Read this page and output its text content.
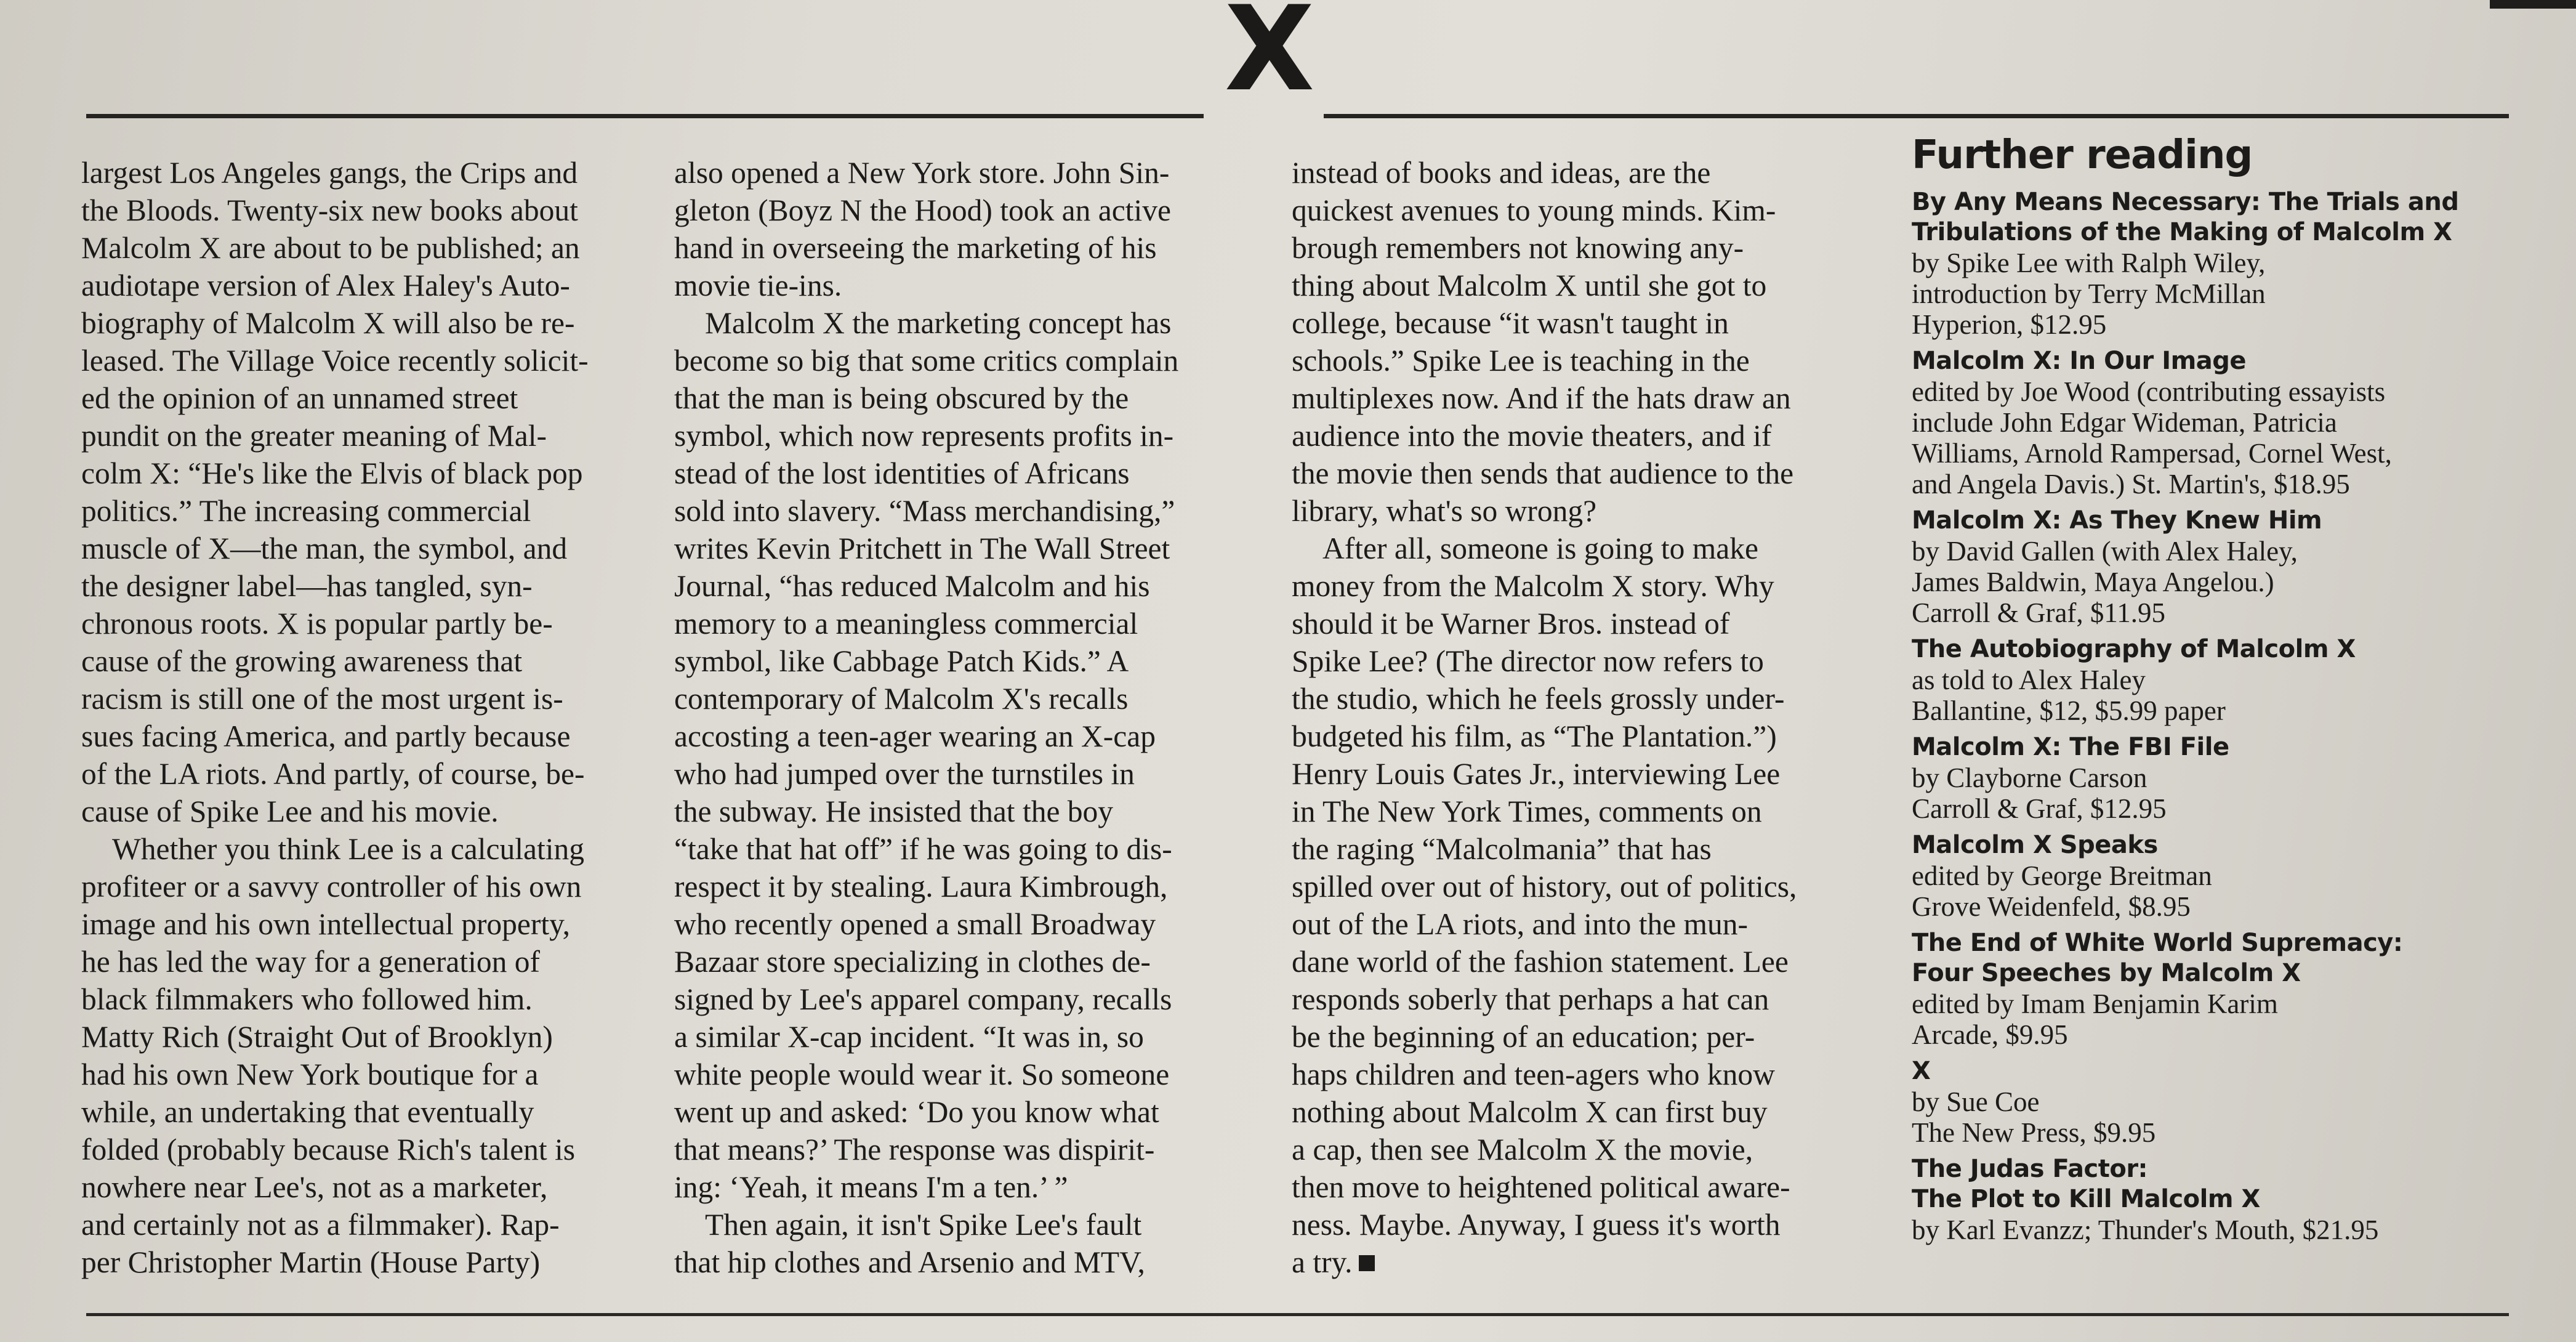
X

largest Los Angeles gangs, the Crips and
the Bloods. Twenty-six new books about
Malcolm X are about to be published; an
audiotape version of Alex Haley's Auto-
biography of Malcolm X will also be re-
leased. The Village Voice recently solicit-
ed the opinion of an unnamed street
pundit on the greater meaning of Mal-
colm X: “He's like the Elvis of black pop
politics.” The increasing commercial
muscle of X—the man, the symbol, and
the designer label—has tangled, syn-
chronous roots. X is popular partly be-
cause of the growing awareness that
racism is still one of the most urgent is-
sues facing America, and partly because
of the LA riots. And partly, of course, be-
cause of Spike Lee and his movie.

Whether you think Lee is a calculating
profiteer or a savvy controller of his own
image and his own intellectual property,
he has led the way for a generation of
black filmmakers who followed him.
Matty Rich (Straight Out of Brooklyn)
had his own New York boutique for a
while, an undertaking that eventually
folded (probably because Rich's talent is
nowhere near Lee's, not as a marketer,
and certainly not as a filmmaker). Rap-
per Christopher Martin (House Party)

also opened a New York store. John Sin-
gleton (Boyz N the Hood) took an active
hand in overseeing the marketing of his
movie tie-ins.

Malcolm X the marketing concept has
become so big that some critics complain
that the man is being obscured by the
symbol, which now represents profits in-
stead of the lost identities of Africans
sold into slavery. “Mass merchandising,”
writes Kevin Pritchett in The Wall Street
Journal, “has reduced Malcolm and his
memory to a meaningless commercial
symbol, like Cabbage Patch Kids.” A
contemporary of Malcolm X's recalls
accosting a teen-ager wearing an X-cap
who had jumped over the turnstiles in
the subway. He insisted that the boy
“take that hat off” if he was going to dis-
respect it by stealing. Laura Kimbrough,
who recently opened a small Broadway
Bazaar store specializing in clothes de-
signed by Lee's apparel company, recalls
a similar X-cap incident. “It was in, so
white people would wear it. So someone
went up and asked: ‘Do you know what
that means?’ The response was dispirit-
ing: ‘Yeah, it means I'm a ten.’ ”

Then again, it isn't Spike Lee's fault
that hip clothes and Arsenio and MTV,

instead of books and ideas, are the
quickest avenues to young minds. Kim-
brough remembers not knowing any-
thing about Malcolm X until she got to
college, because “it wasn't taught in
schools.” Spike Lee is teaching in the
multiplexes now. And if the hats draw an
audience into the movie theaters, and if
the movie then sends that audience to the
library, what's so wrong?

After all, someone is going to make
money from the Malcolm X story. Why
should it be Warner Bros. instead of
Spike Lee? (The director now refers to
the studio, which he feels grossly under-
budgeted his film, as “The Plantation.”)
Henry Louis Gates Jr., interviewing Lee
in The New York Times, comments on
the raging “Malcolmania” that has
spilled over out of history, out of politics,
out of the LA riots, and into the mun-
dane world of the fashion statement. Lee
responds soberly that perhaps a hat can
be the beginning of an education; per-
haps children and teen-agers who know
nothing about Malcolm X can first buy
a cap, then see Malcolm X the movie,
then move to heightened political aware-
ness. Maybe. Anyway, I guess it's worth
a try.

Further reading
By Any Means Necessary: The Trials and
Tribulations of the Making of Malcolm X
by Spike Lee with Ralph Wiley,
introduction by Terry McMillan
Hyperion, $12.95
Malcolm X: In Our Image
edited by Joe Wood (contributing essayists
include John Edgar Wideman, Patricia
Williams, Arnold Rampersad, Cornel West,
and Angela Davis.) St. Martin's, $18.95
Malcolm X: As They Knew Him
by David Gallen (with Alex Haley,
James Baldwin, Maya Angelou.)
Carroll & Graf, $11.95
The Autobiography of Malcolm X
as told to Alex Haley
Ballantine, $12, $5.99 paper
Malcolm X: The FBI File
by Clayborne Carson
Carroll & Graf, $12.95
Malcolm X Speaks
edited by George Breitman
Grove Weidenfeld, $8.95
The End of White World Supremacy:
Four Speeches by Malcolm X
edited by Imam Benjamin Karim
Arcade, $9.95
X
by Sue Coe
The New Press, $9.95
The Judas Factor:
The Plot to Kill Malcolm X
by Karl Evanzz; Thunder's Mouth, $21.95
